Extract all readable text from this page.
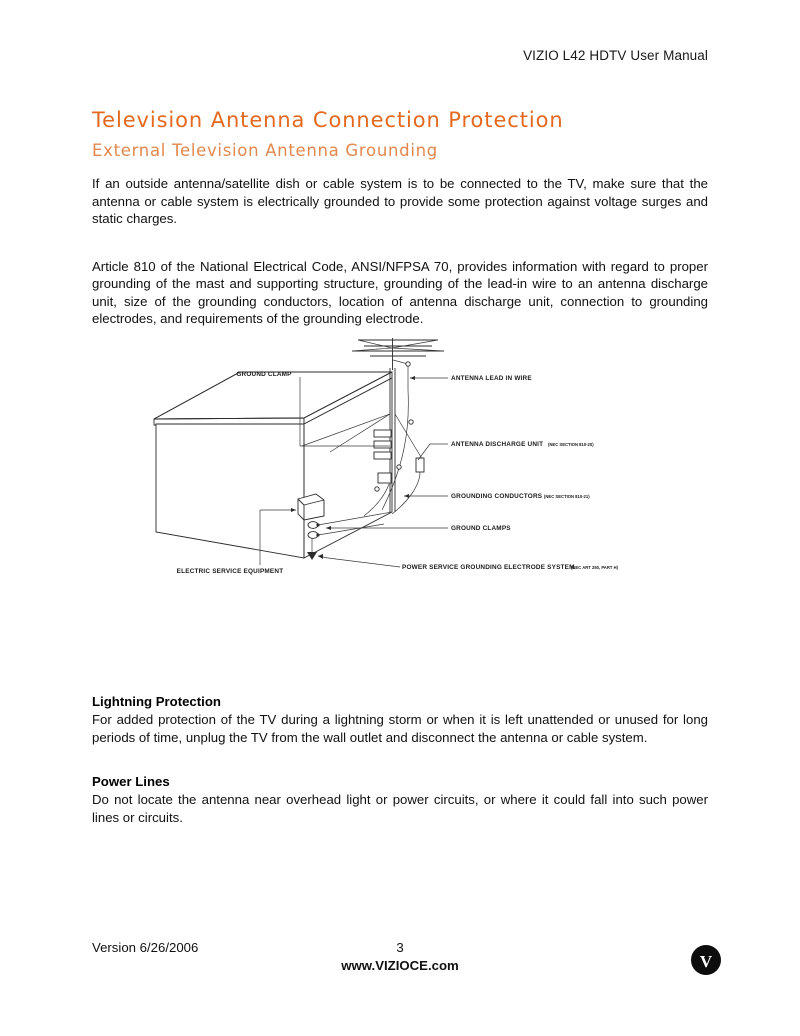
VIZIO L42 HDTV User Manual
Television Antenna Connection Protection
External Television Antenna Grounding

If an outside antenna/satellite dish or cable system is to be connected to the TV, make sure that the antenna or cable system is electrically grounded to provide some protection against voltage surges and static charges.

Article 810 of the National Electrical Code, ANSI/NFPSA 70, provides information with regard to proper grounding of the mast and supporting structure, grounding of the lead-in wire to an antenna discharge unit, size of the grounding conductors, location of antenna discharge unit, connection to grounding electrodes, and requirements of the grounding electrode.

GROUND CLAMP
ANTENNA LEAD IN WIRE
ANTENNA DISCHARGE UNIT (NEC SECTION 810-20)
GROUNDING CONDUCTORS (NEC SECTION 810-21)
GROUND CLAMPS
ELECTRIC SERVICE EQUIPMENT
POWER SERVICE GROUNDING ELECTRODE SYSTEM
(NEC ART 250, PART H)
Lightning Protection

For added protection of the TV during a lightning storm or when it is left unattended or unused for long periods of time, unplug the TV from the wall outlet and disconnect the antenna or cable system.

Power Lines

Do not locate the antenna near overhead light or power circuits, or where it could fall into such power lines or circuits.

Version 6/26/2006	3
www.VIZIOCE.com	V
